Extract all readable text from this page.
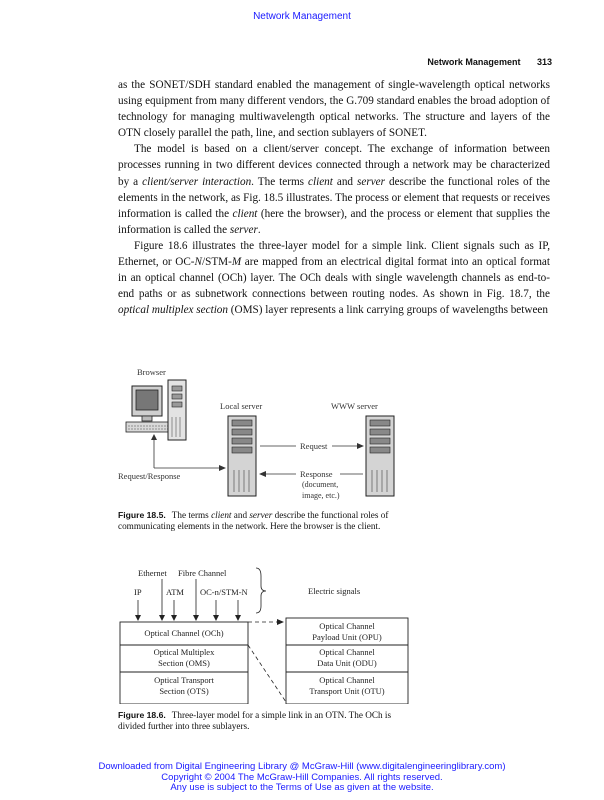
Network Management
Network Management 313

as the SONET/SDH standard enabled the management of single-wavelength optical networks using equipment from many different vendors, the G.709 standard enables the broad adoption of technology for managing multiwavelength optical networks. The structure and layers of the OTN closely parallel the path, line, and section sublayers of SONET.

The model is based on a client/server concept. The exchange of information between processes running in two different devices connected through a network may be characterized by a client/server interaction. The terms client and server describe the functional roles of the elements in the network, as Fig. 18.5 illustrates. The process or element that requests or receives information is called the client (here the browser), and the process or element that supplies the information is called the server.

Figure 18.6 illustrates the three-layer model for a simple link. Client signals such as IP, Ethernet, or OC-N/STM-M are mapped from an electrical digital format into an optical format in an optical channel (OCh) layer. The OCh deals with single wavelength channels as end-to-end paths or as subnetwork connections between routing nodes. As shown in Fig. 18.7, the optical multiplex section (OMS) layer represents a link carrying groups of wavelengths between

Browser
Local server	WWW server
Request
Response
(document,
image, etc.)
Request/Response
Figure 18.5. The terms client and server describe the functional roles of communicating elements in the network. Here the browser is the client.
Ethernet Fibre Channel
IP	ATM OC-n/STM-N	Electric signals
Optical Channel (OCh)
Optical Multiplex
Section (OMS)
Optical Transport
Section (OTS)
Optical Channel
Payload Unit (OPU)
Optical Channel
Data Unit (ODU)
Optical Channel
Transport Unit (OTU)
Figure 18.6. Three-layer model for a simple link in an OTN. The OCh is divided further into three sublayers.
Downloaded from Digital Engineering Library @ McGraw-Hill (www.digitalengineeringlibrary.com)
Copyright © 2004 The McGraw-Hill Companies. All rights reserved.
Any use is subject to the Terms of Use as given at the website.
